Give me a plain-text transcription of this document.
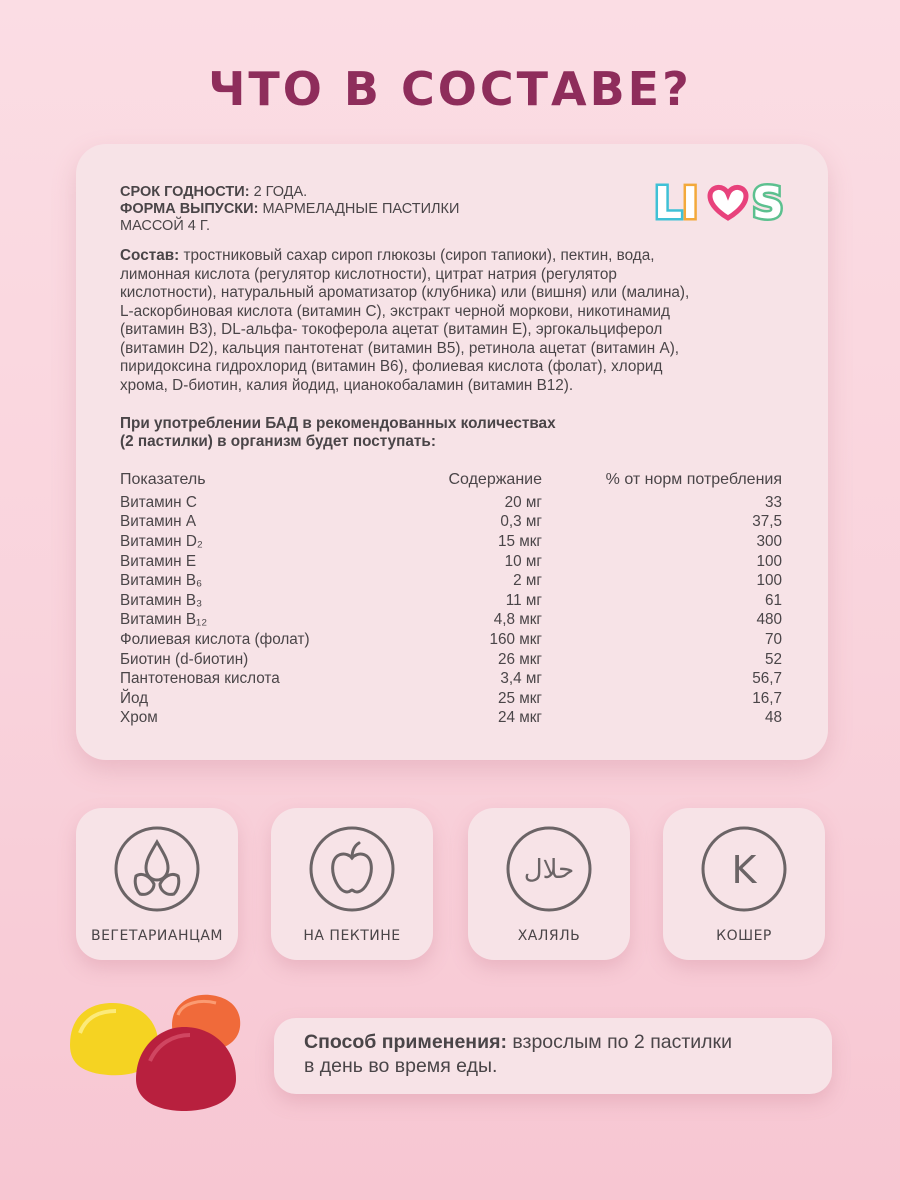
ЧТО В СОСТАВЕ?
L I S
СРОК ГОДНОСТИ: 2 ГОДА.
ФОРМА ВЫПУСКИ: МАРМЕЛАДНЫЕ ПАСТИЛКИ
МАССОЙ 4 Г.
Состав: тростниковый сахар сироп глюкозы (сироп тапиоки), пектин, вода,
лимонная кислота (регулятор кислотности), цитрат натрия (регулятор
кислотности), натуральный ароматизатор (клубника) или (вишня) или (малина),
L-аскорбиновая кислота (витамин С), экстракт черной моркови, никотинамид
(витамин В3), DL-альфа- токоферола ацетат (витамин Е), эргокальциферол
(витамин D2), кальция пантотенат (витамин В5), ретинола ацетат (витамин А),
пиридоксина гидрохлорид (витамин В6), фолиевая кислота (фолат), хлорид
хрома, D-биотин, калия йодид, цианокобаламин (витамин В12).
При употреблении БАД в рекомендованных количествах
(2 пастилки) в организм будет поступать:
Показатель	Содержание	% от норм потребления
Витамин С	20 мг	33
Витамин А	0,3 мг	37,5
Витамин D₂	15 мкг	300
Витамин Е	10 мг	100
Витамин В₆	2 мг	100
Витамин В₃	11 мг	61
Витамин В₁₂	4,8 мкг	480
Фолиевая кислота (фолат)	160 мкг	70
Биотин (d-биотин)	26 мкг	52
Пантотеновая кислота	3,4 мг	56,7
Йод	25 мкг	16,7
Хром	24 мкг	48
ВЕГЕТАРИАНЦАМ	НА ПЕКТИНЕ
حلال
ХАЛЯЛЬ
K
КОШЕР
Способ применения: взрослым по 2 пастилки
в день во время еды.
